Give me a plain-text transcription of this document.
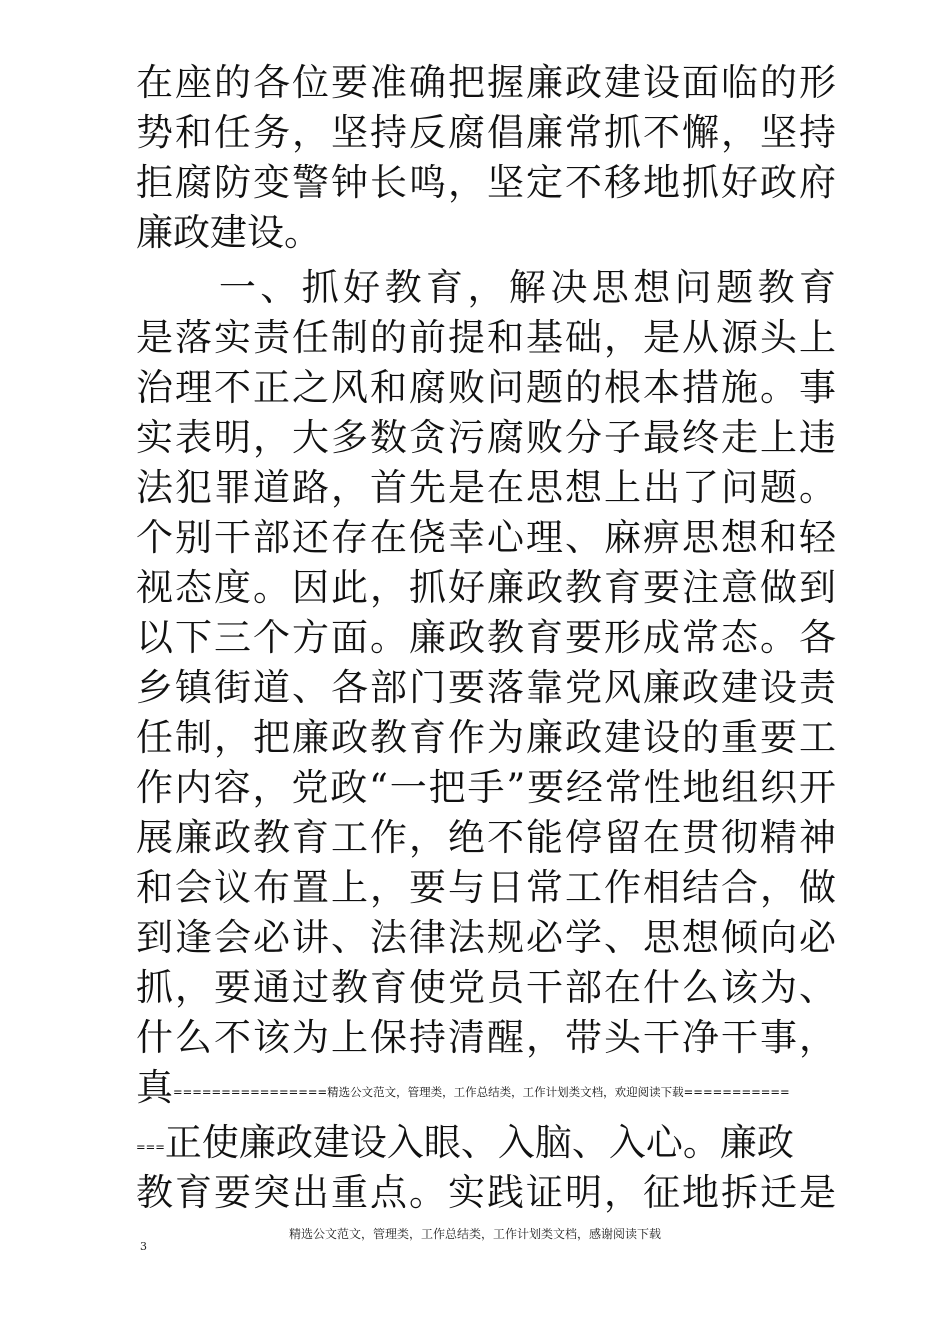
在座的各位要准确把握廉政建设面临的形
势和任务，坚持反腐倡廉常抓不懈，坚持
拒腐防变警钟长鸣，坚定不移地抓好政府
廉政建设。
　　一、抓好教育，解决思想问题教育
是落实责任制的前提和基础，是从源头上
治理不正之风和腐败问题的根本措施。事
实表明，大多数贪污腐败分子最终走上违
法犯罪道路，首先是在思想上出了问题。
个别干部还存在侥幸心理、麻痹思想和轻
视态度。因此，抓好廉政教育要注意做到
以下三个方面。廉政教育要形成常态。各
乡镇街道、各部门要落靠党风廉政建设责
任制，把廉政教育作为廉政建设的重要工
作内容，党政“一把手”要经常性地组织开
展廉政教育工作，绝不能停留在贯彻精神
和会议布置上，要与日常工作相结合，做
到逢会必讲、法律法规必学、思想倾向必
抓，要通过教育使党员干部在什么该为、
什么不该为上保持清醒，带头干净干事，
真 ================精选公文范文，管理类，工作总结类，工作计划类文档，欢迎阅读下载===========
=== 正使廉政建设入眼、入脑、入心。廉政
教育要突出重点。实践证明，征地拆迁是
精选公文范文，管理类，工作总结类，工作计划类文档，感谢阅读下载
3
